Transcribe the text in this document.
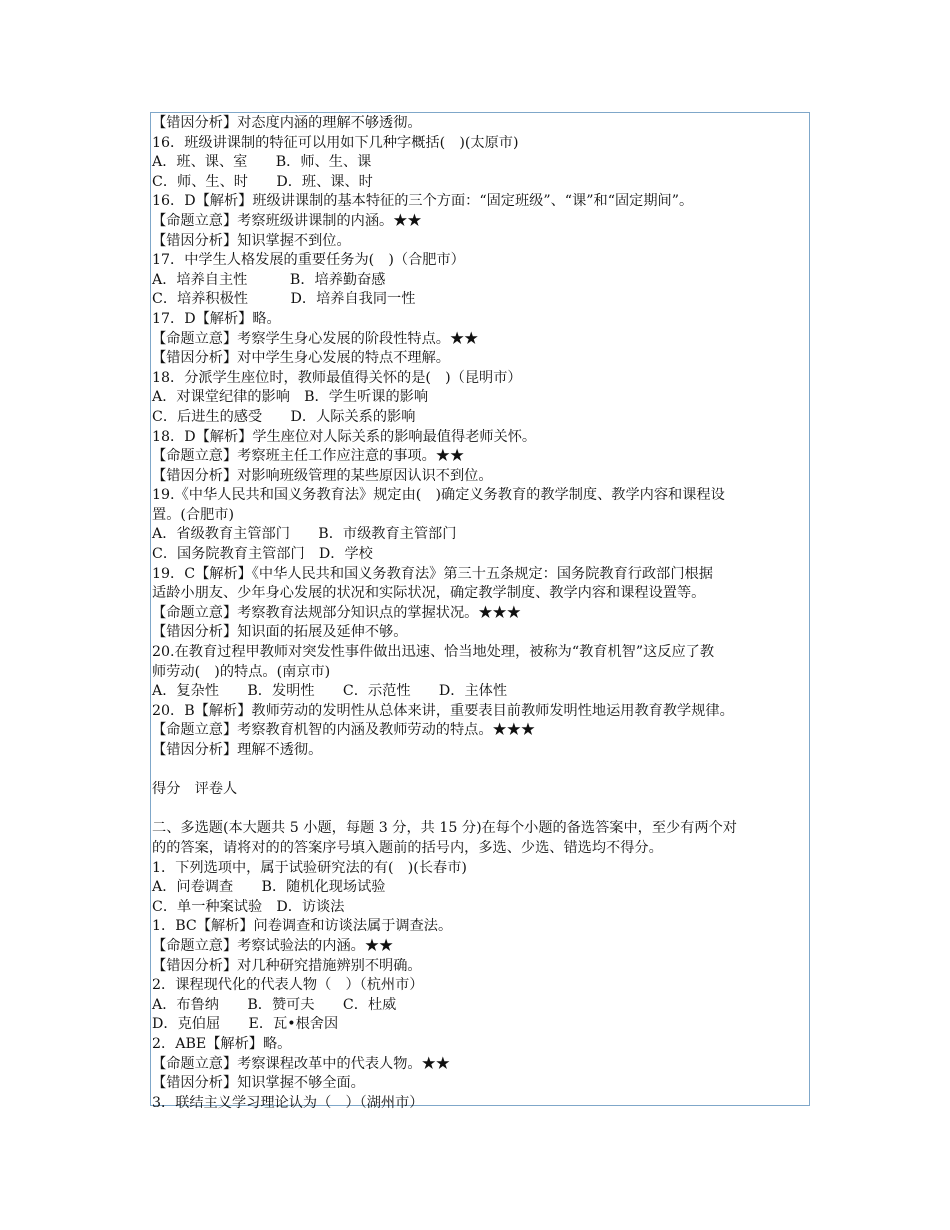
【错因分析】对态度内涵的理解不够透彻。
16．班级讲课制的特征可以用如下几种字概括(　)(太原市)
A．班、课、室　　B．师、生、课
C．师、生、时　　D．班、课、时
16．D【解析】班级讲课制的基本特征的三个方面：“固定班级”、“课”和“固定期间”。
【命题立意】考察班级讲课制的内涵。★★
【错因分析】知识掌握不到位。
17．中学生人格发展的重要任务为(　)（合肥市）
A．培养自主性　　　B．培养勤奋感
C．培养积极性　　　D．培养自我同一性
17．D【解析】略。
【命题立意】考察学生身心发展的阶段性特点。★★
【错因分析】对中学生身心发展的特点不理解。
18．分派学生座位时，教师最值得关怀的是(　)（昆明市）
A．对课堂纪律的影响　B．学生听课的影响
C．后进生的感受　　D．人际关系的影响
18．D【解析】学生座位对人际关系的影响最值得老师关怀。
【命题立意】考察班主任工作应注意的事项。★★
【错因分析】对影响班级管理的某些原因认识不到位。
19.《中华人民共和国义务教育法》规定由(　)确定义务教育的教学制度、教学内容和课程设
置。(合肥市)
A．省级教育主管部门　　B．市级教育主管部门
C．国务院教育主管部门　D．学校
19．C【解析】《中华人民共和国义务教育法》第三十五条规定：国务院教育行政部门根据
适龄小朋友、少年身心发展的状况和实际状况，确定教学制度、教学内容和课程设置等。
【命题立意】考察教育法规部分知识点的掌握状况。★★★
【错因分析】知识面的拓展及延伸不够。
20.在教育过程甲教师对突发性事件做出迅速、恰当地处理，被称为“教育机智”这反应了教
师劳动(　)的特点。(南京市)
A．复杂性　　B．发明性　　C．示范性　　D．主体性
20．B【解析】教师劳动的发明性从总体来讲，重要表目前教师发明性地运用教育教学规律。
【命题立意】考察教育机智的内涵及教师劳动的特点。★★★
【错因分析】理解不透彻。
得分　评卷人
二、多选题(本大题共 5 小题，每题 3 分，共 15 分)在每个小题的备选答案中，至少有两个对
的的答案，请将对的的答案序号填入题前的括号内，多选、少选、错选均不得分。
1．下列选项中，属于试验研究法的有(　)(长春市)
A．问卷调查　　B．随机化现场试验
C．单一种案试验　D．访谈法
1．BC【解析】问卷调查和访谈法属于调查法。
【命题立意】考察试验法的内涵。★★
【错因分析】对几种研究措施辨别不明确。
2．课程现代化的代表人物（　）（杭州市）
A．布鲁纳　　B．赞可夫　　C．杜威
D．克伯屈　　E．瓦•根舍因
2．ABE【解析】略。
【命题立意】考察课程改革中的代表人物。★★
【错因分析】知识掌握不够全面。
3．联结主义学习理论认为（　）（湖州市）
